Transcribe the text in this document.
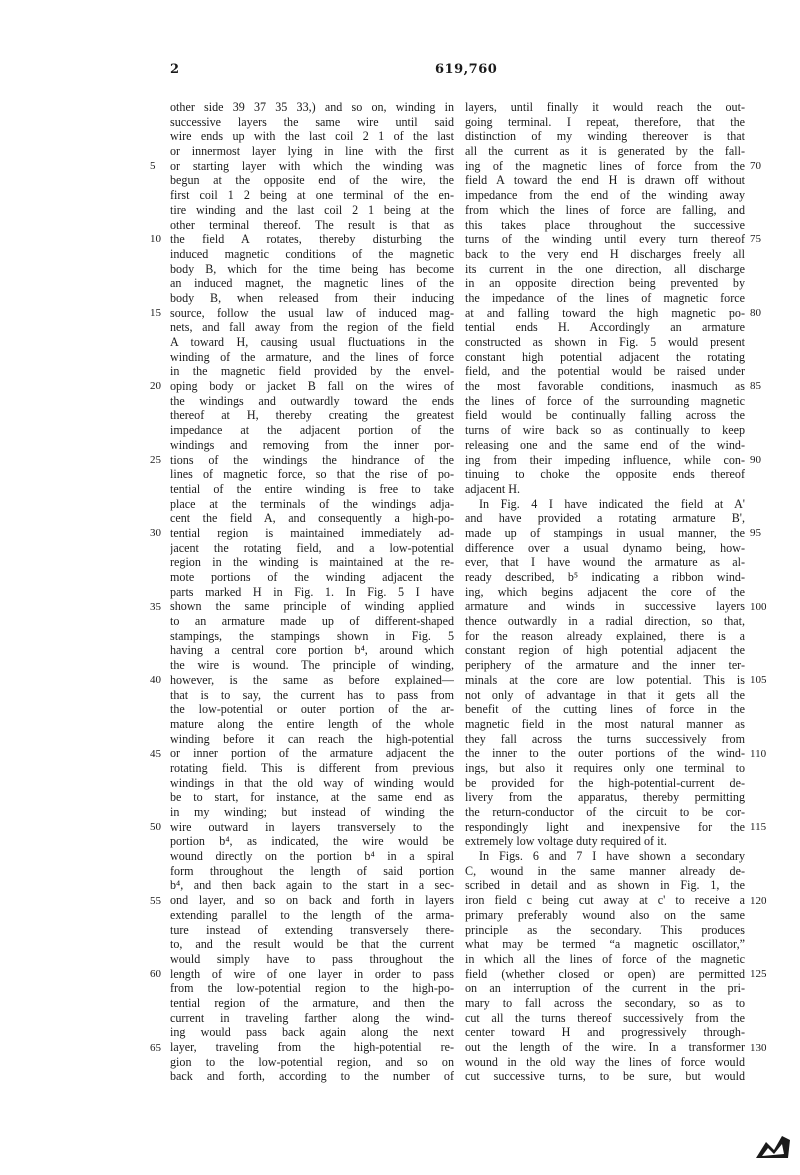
2	619,760
5
10
15
20
25
30
35
40
45
50
55
60
65
other side 39 37 35 33,) and so on, winding in
successive layers the same wire until said
wire ends up with the last coil 2 1 of the last
or innermost layer lying in line with the first
or starting layer with which the winding was
begun at the opposite end of the wire, the
first coil 1 2 being at one terminal of the en-
tire winding and the last coil 2 1 being at the
other terminal thereof. The result is that as
the field A rotates, thereby disturbing the
induced magnetic conditions of the magnetic
body B, which for the time being has become
an induced magnet, the magnetic lines of the
body B, when released from their inducing
source, follow the usual law of induced mag-
nets, and fall away from the region of the field
A toward H, causing usual fluctuations in the
winding of the armature, and the lines of force
in the magnetic field provided by the envel-
oping body or jacket B fall on the wires of
the windings and outwardly toward the ends
thereof at H, thereby creating the greatest
impedance at the adjacent portion of the
windings and removing from the inner por-
tions of the windings the hindrance of the
lines of magnetic force, so that the rise of po-
tential of the entire winding is free to take
place at the terminals of the windings adja-
cent the field A, and consequently a high-po-
tential region is maintained immediately ad-
jacent the rotating field, and a low-potential
region in the winding is maintained at the re-
mote portions of the winding adjacent the
parts marked H in Fig. 1. In Fig. 5 I have
shown the same principle of winding applied
to an armature made up of different-shaped
stampings, the stampings shown in Fig. 5
having a central core portion b⁴, around which
the wire is wound. The principle of winding,
however, is the same as before explained—
that is to say, the current has to pass from
the low-potential or outer portion of the ar-
mature along the entire length of the whole
winding before it can reach the high-potential
or inner portion of the armature adjacent the
rotating field. This is different from previous
windings in that the old way of winding would
be to start, for instance, at the same end as
in my winding; but instead of winding the
wire outward in layers transversely to the
portion b⁴, as indicated, the wire would be
wound directly on the portion b⁴ in a spiral
form throughout the length of said portion
b⁴, and then back again to the start in a sec-
ond layer, and so on back and forth in layers
extending parallel to the length of the arma-
ture instead of extending transversely there-
to, and the result would be that the current
would simply have to pass throughout the
length of wire of one layer in order to pass
from the low-potential region to the high-po-
tential region of the armature, and then the
current in traveling farther along the wind-
ing would pass back again along the next
layer, traveling from the high-potential re-
gion to the low-potential region, and so on
back and forth, according to the number of
layers, until finally it would reach the out-
going terminal. I repeat, therefore, that the
distinction of my winding thereover is that
all the current as it is generated by the fall-
ing of the magnetic lines of force from the
field A toward the end H is drawn off without
impedance from the end of the winding away
from which the lines of force are falling, and
this takes place throughout the successive
turns of the winding until every turn thereof
back to the very end H discharges freely all
its current in the one direction, all discharge
in an opposite direction being prevented by
the impedance of the lines of magnetic force
at and falling toward the high magnetic po-
tential ends H. Accordingly an armature
constructed as shown in Fig. 5 would present
constant high potential adjacent the rotating
field, and the potential would be raised under
the most favorable conditions, inasmuch as
the lines of force of the surrounding magnetic
field would be continually falling across the
turns of wire back so as continually to keep
releasing one and the same end of the wind-
ing from their impeding influence, while con-
tinuing to choke the opposite ends thereof
adjacent H.
In Fig. 4 I have indicated the field at A'
and have provided a rotating armature B',
made up of stampings in usual manner, the
difference over a usual dynamo being, how-
ever, that I have wound the armature as al-
ready described, b⁵ indicating a ribbon wind-
ing, which begins adjacent the core of the
armature and winds in successive layers
thence outwardly in a radial direction, so that,
for the reason already explained, there is a
constant region of high potential adjacent the
periphery of the armature and the inner ter-
minals at the core are low potential. This is
not only of advantage in that it gets all the
benefit of the cutting lines of force in the
magnetic field in the most natural manner as
they fall across the turns successively from
the inner to the outer portions of the wind-
ings, but also it requires only one terminal to
be provided for the high-potential-current de-
livery from the apparatus, thereby permitting
the return-conductor of the circuit to be cor-
respondingly light and inexpensive for the
extremely low voltage duty required of it.
In Figs. 6 and 7 I have shown a secondary
C, wound in the same manner already de-
scribed in detail and as shown in Fig. 1, the
iron field c being cut away at c' to receive a
primary preferably wound also on the same
principle as the secondary. This produces
what may be termed “a magnetic oscillator,”
in which all the lines of force of the magnetic
field (whether closed or open) are permitted
on an interruption of the current in the pri-
mary to fall across the secondary, so as to
cut all the turns thereof successively from the
center toward H and progressively through-
out the length of the wire. In a transformer
wound in the old way the lines of force would
cut successive turns, to be sure, but would
70
75
80
85
90
95
100
105
110
115
120
125
130
